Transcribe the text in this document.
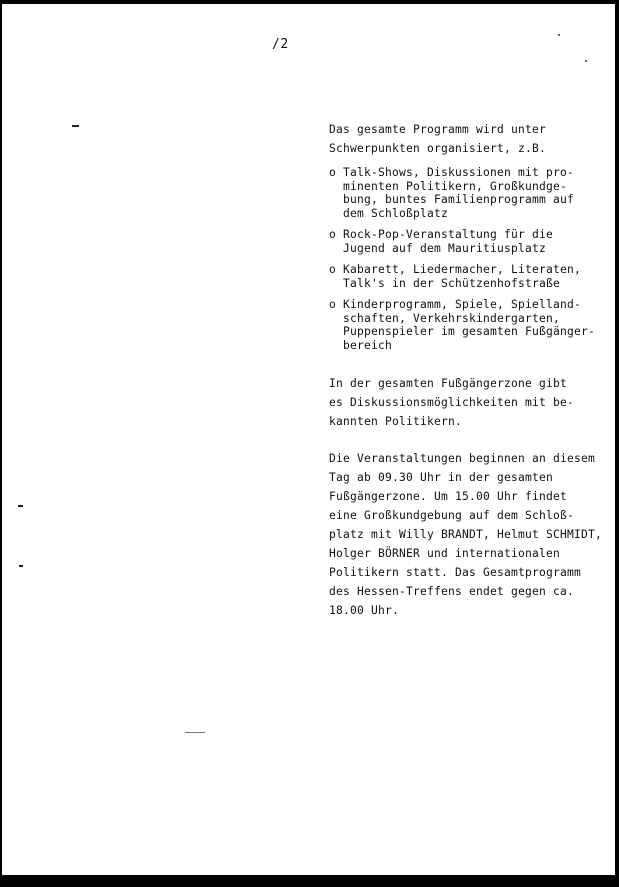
/2

Das gesamte Programm wird unter

Schwerpunkten organisiert, z.B.

o Talk-Shows, Diskussionen mit pro-
minenten Politikern, Großkundge-
bung, buntes Familienprogramm auf
dem Schloßplatz
o Rock-Pop-Veranstaltung für die
Jugend auf dem Mauritiusplatz
o Kabarett, Liedermacher, Literaten,
Talk's in der Schützenhofstraße
o Kinderprogramm, Spiele, Spielland-
schaften, Verkehrskindergarten,
Puppenspieler im gesamten Fußgänger-
bereich

In der gesamten Fußgängerzone gibt

es Diskussionsmöglichkeiten mit be-

kannten Politikern.

Die Veranstaltungen beginnen an diesem

Tag ab 09.30 Uhr in der gesamten

Fußgängerzone. Um 15.00 Uhr findet

eine Großkundgebung auf dem Schloß-

platz mit Willy BRANDT, Helmut SCHMIDT,

Holger BÖRNER und internationalen

Politikern statt. Das Gesamtprogramm

des Hessen-Treffens endet gegen ca.

18.00 Uhr.
